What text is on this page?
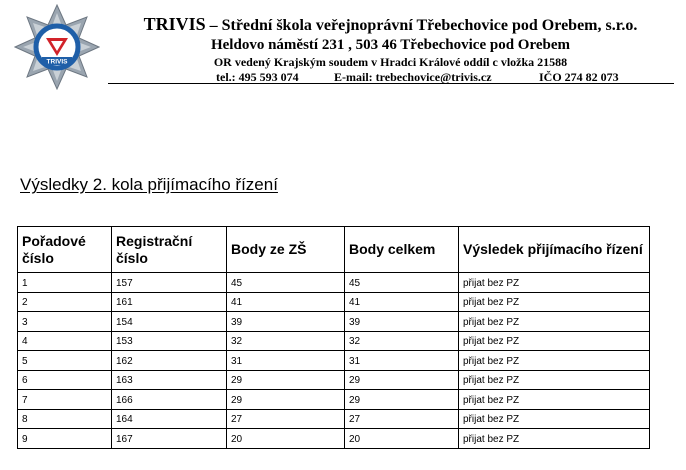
TRIVIS
TRIVIS – Střední škola veřejnoprávní Třebechovice pod Orebem, s.r.o.
Heldovo náměstí 231 , 503 46 Třebechovice pod Orebem
OR vedený Krajským soudem v Hradci Králové oddíl c vložka 21588
tel.: 495 593 074	E-mail: trebechovice@trivis.cz	IČO 274 82 073
Výsledky 2. kola přijímacího řízení
Pořadové číslo	Registrační číslo	Body ze ZŠ	Body celkem	Výsledek přijímacího řízení
1	157	45	45	přijat bez PZ
2	161	41	41	přijat bez PZ
3	154	39	39	přijat bez PZ
4	153	32	32	přijat bez PZ
5	162	31	31	přijat bez PZ
6	163	29	29	přijat bez PZ
7	166	29	29	přijat bez PZ
8	164	27	27	přijat bez PZ
9	167	20	20	přijat bez PZ
